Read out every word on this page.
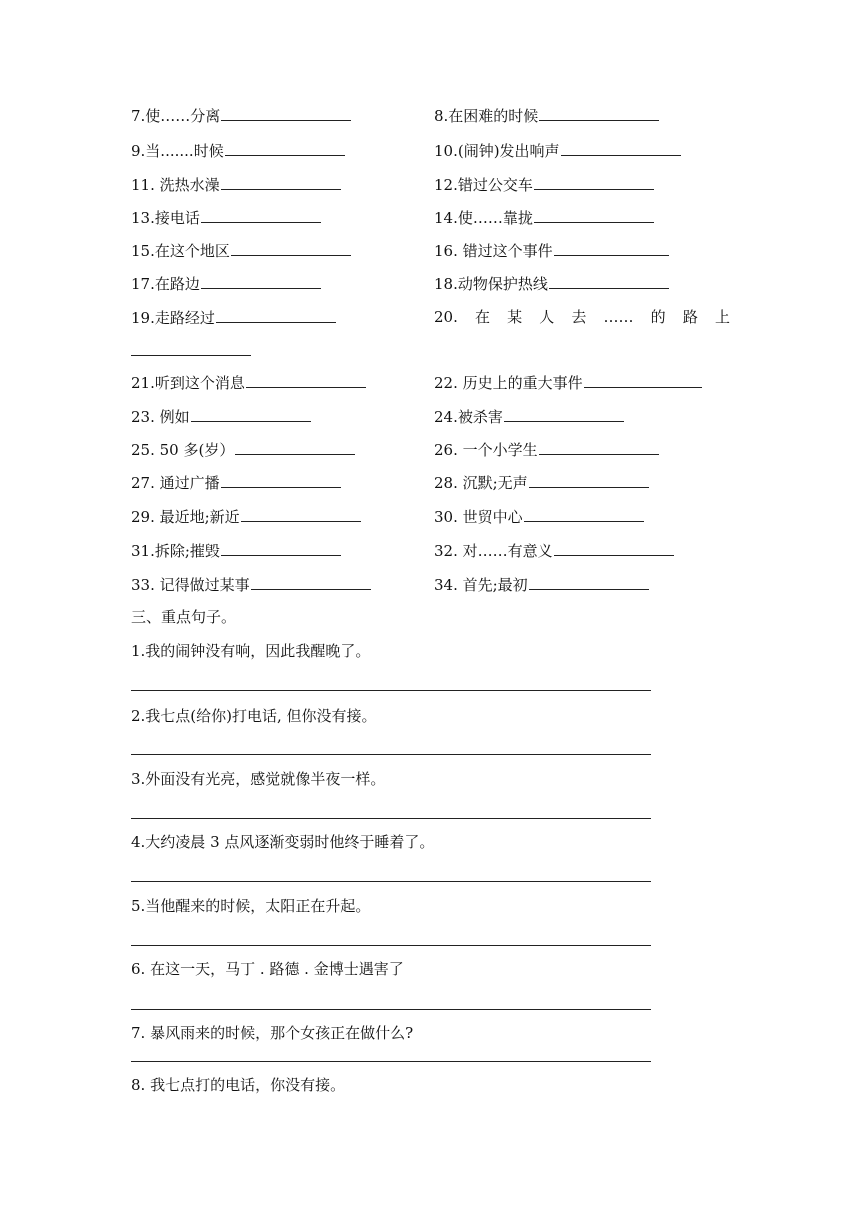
7.使……分离	8.在困难的时候
9.当.......时候	10.(闹钟)发出响声
11. 洗热水澡	12.错过公交车
13.接电话	14.使……靠拢
15.在这个地区	16. 错过这个事件
17.在路边	18.动物保护热线
19.走路经过	20. 在 某 人 去 …… 的 路 上
21.听到这个消息	22. 历史上的重大事件
23. 例如	24.被杀害
25. 50 多(岁）	26. 一个小学生
27. 通过广播	28. 沉默;无声
29. 最近地;新近	30. 世贸中心
31.拆除;摧毁	32. 对……有意义
33. 记得做过某事	34. 首先;最初
三、重点句子。
1.我的闹钟没有响，因此我醒晚了。
2.我七点(给你)打电话, 但你没有接。
3.外面没有光亮，感觉就像半夜一样。
4.大约凌晨 3 点风逐渐变弱时他终于睡着了。
5.当他醒来的时候，太阳正在升起。
6. 在这一天，马丁 . 路德 . 金博士遇害了
7. 暴风雨来的时候，那个女孩正在做什么?
8. 我七点打的电话，你没有接。
